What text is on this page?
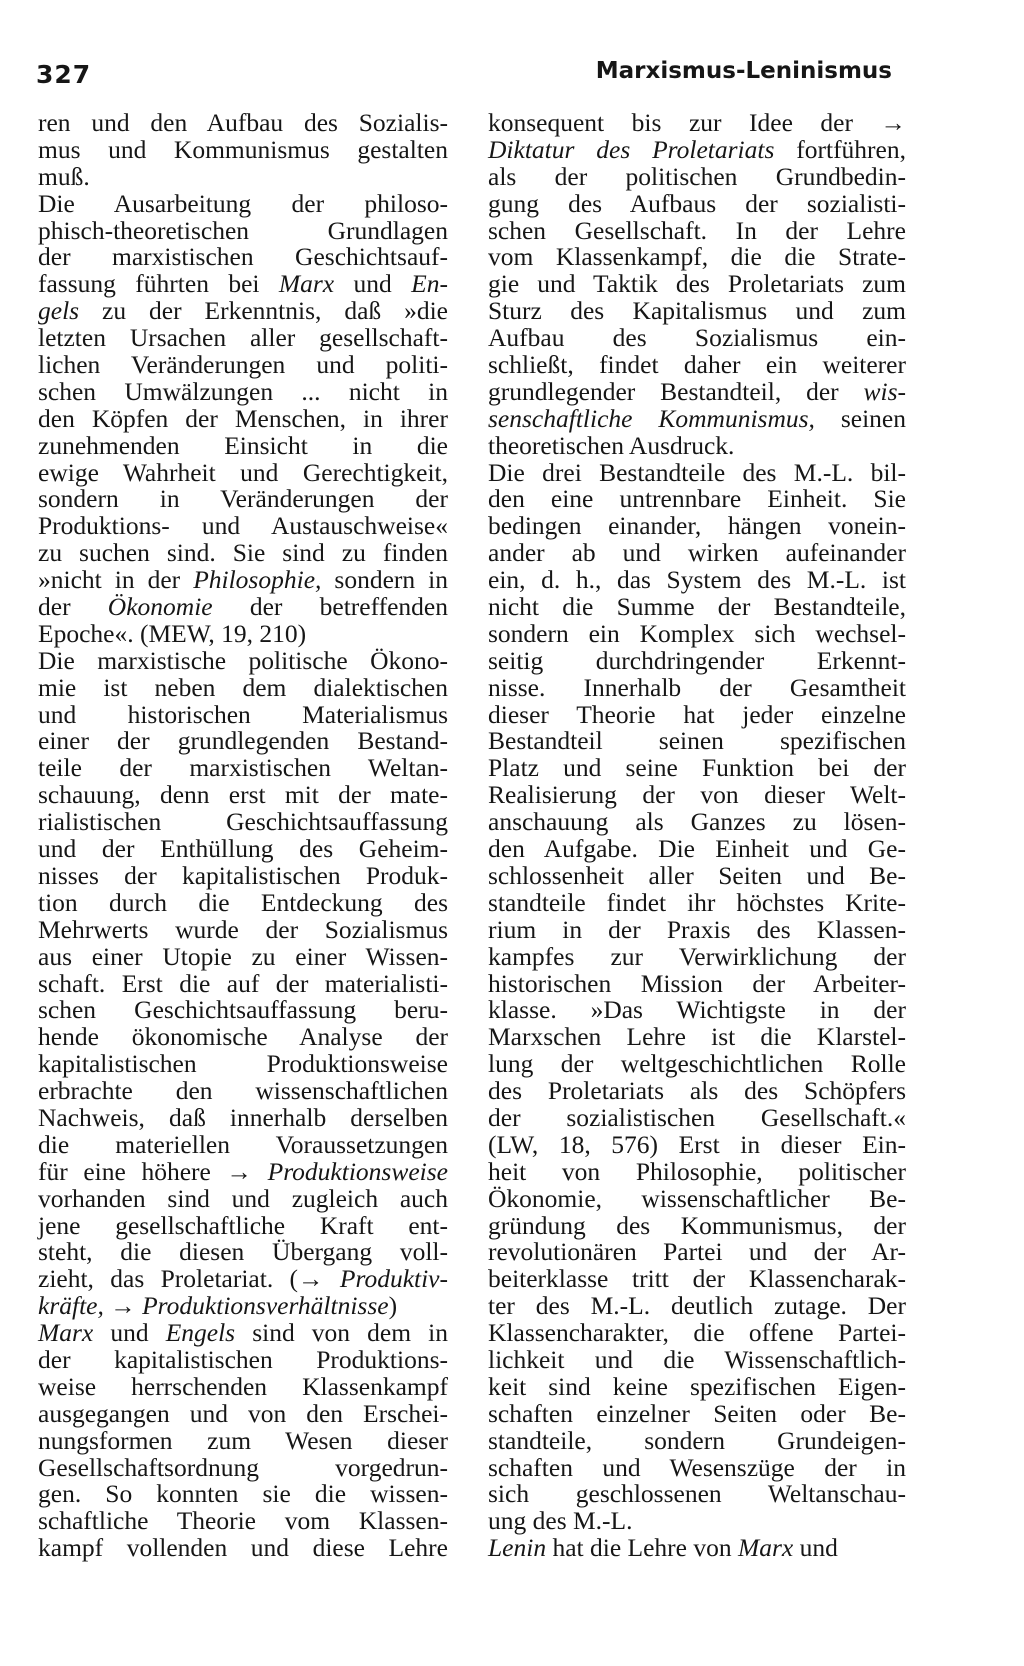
327	Marxismus-Leninismus
ren und den Aufbau des Sozialis-
mus und Kommunismus gestalten
muß.
Die Ausarbeitung der philoso-
phisch-theoretischen Grundlagen
der marxistischen Geschichtsauf-
fassung führten bei Marx und En-
gels zu der Erkenntnis, daß »die
letzten Ursachen aller gesellschaft-
lichen Veränderungen und politi-
schen Umwälzungen ... nicht in
den Köpfen der Menschen, in ihrer
zunehmenden Einsicht in die
ewige Wahrheit und Gerechtigkeit,
sondern in Veränderungen der
Produktions- und Austauschweise«
zu suchen sind. Sie sind zu finden
»nicht in der Philosophie, sondern in
der Ökonomie der betreffenden
Epoche«. (MEW, 19, 210)
Die marxistische politische Ökono-
mie ist neben dem dialektischen
und historischen Materialismus
einer der grundlegenden Bestand-
teile der marxistischen Weltan-
schauung, denn erst mit der mate-
rialistischen Geschichtsauffassung
und der Enthüllung des Geheim-
nisses der kapitalistischen Produk-
tion durch die Entdeckung des
Mehrwerts wurde der Sozialismus
aus einer Utopie zu einer Wissen-
schaft. Erst die auf der materialisti-
schen Geschichtsauffassung beru-
hende ökonomische Analyse der
kapitalistischen Produktionsweise
erbrachte den wissenschaftlichen
Nachweis, daß innerhalb derselben
die materiellen Voraussetzungen
für eine höhere → Produktionsweise
vorhanden sind und zugleich auch
jene gesellschaftliche Kraft ent-
steht, die diesen Übergang voll-
zieht, das Proletariat. (→ Produktiv-
kräfte, → Produktionsverhältnisse)
Marx und Engels sind von dem in
der kapitalistischen Produktions-
weise herrschenden Klassenkampf
ausgegangen und von den Erschei-
nungsformen zum Wesen dieser
Gesellschaftsordnung vorgedrun-
gen. So konnten sie die wissen-
schaftliche Theorie vom Klassen-
kampf vollenden und diese Lehre
konsequent bis zur Idee der →
Diktatur des Proletariats fortführen,
als der politischen Grundbedin-
gung des Aufbaus der sozialisti-
schen Gesellschaft. In der Lehre
vom Klassenkampf, die die Strate-
gie und Taktik des Proletariats zum
Sturz des Kapitalismus und zum
Aufbau des Sozialismus ein-
schließt, findet daher ein weiterer
grundlegender Bestandteil, der wis-
senschaftliche Kommunismus, seinen
theoretischen Ausdruck.
Die drei Bestandteile des M.-L. bil-
den eine untrennbare Einheit. Sie
bedingen einander, hängen vonein-
ander ab und wirken aufeinander
ein, d. h., das System des M.-L. ist
nicht die Summe der Bestandteile,
sondern ein Komplex sich wechsel-
seitig durchdringender Erkennt-
nisse. Innerhalb der Gesamtheit
dieser Theorie hat jeder einzelne
Bestandteil seinen spezifischen
Platz und seine Funktion bei der
Realisierung der von dieser Welt-
anschauung als Ganzes zu lösen-
den Aufgabe. Die Einheit und Ge-
schlossenheit aller Seiten und Be-
standteile findet ihr höchstes Krite-
rium in der Praxis des Klassen-
kampfes zur Verwirklichung der
historischen Mission der Arbeiter-
klasse. »Das Wichtigste in der
Marxschen Lehre ist die Klarstel-
lung der weltgeschichtlichen Rolle
des Proletariats als des Schöpfers
der sozialistischen Gesellschaft.«
(LW, 18, 576) Erst in dieser Ein-
heit von Philosophie, politischer
Ökonomie, wissenschaftlicher Be-
gründung des Kommunismus, der
revolutionären Partei und der Ar-
beiterklasse tritt der Klassencharak-
ter des M.-L. deutlich zutage. Der
Klassencharakter, die offene Partei-
lichkeit und die Wissenschaftlich-
keit sind keine spezifischen Eigen-
schaften einzelner Seiten oder Be-
standteile, sondern Grundeigen-
schaften und Wesenszüge der in
sich geschlossenen Weltanschau-
ung des M.-L.
Lenin hat die Lehre von Marx und
